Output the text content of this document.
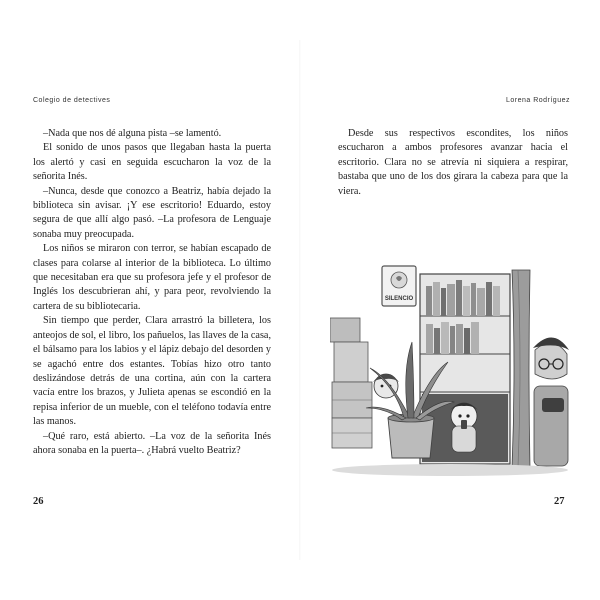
Colegio de detectives	Lorena Rodríguez

–Nada que nos dé alguna pista –se lamentó.

El sonido de unos pasos que llegaban hasta la puerta los alertó y casi en seguida escucharon la voz de la señorita Inés.

–Nunca, desde que conozco a Beatriz, había dejado la biblioteca sin avisar. ¡Y ese escritorio! Eduardo, estoy segura de que allí algo pasó. –La profesora de Lenguaje sonaba muy preocupada.

Los niños se miraron con terror, se habían escapado de clases para colarse al interior de la biblioteca. Lo último que necesitaban era que su profesora jefe y el profesor de Inglés los descubrieran ahí, y para peor, revolviendo la cartera de su bibliotecaria.

Sin tiempo que perder, Clara arrastró la billetera, los anteojos de sol, el libro, los pañuelos, las llaves de la casa, el bálsamo para los labios y el lápiz debajo del desorden y se agachó entre dos estantes. Tobías hizo otro tanto deslizándose detrás de una cortina, aún con la cartera vacía entre los brazos, y Julieta apenas se escondió en la repisa inferior de un mueble, con el teléfono todavía entre las manos.

–Qué raro, está abierto. –La voz de la señorita Inés ahora sonaba en la puerta–. ¿Habrá vuelto Beatriz?

Desde sus respectivos escondites, los niños escucharon a ambos profesores avanzar hacia el escritorio. Clara no se atrevía ni siquiera a respirar, bastaba que uno de los dos girara la cabeza para que la viera.

SILENCIO
26	27
